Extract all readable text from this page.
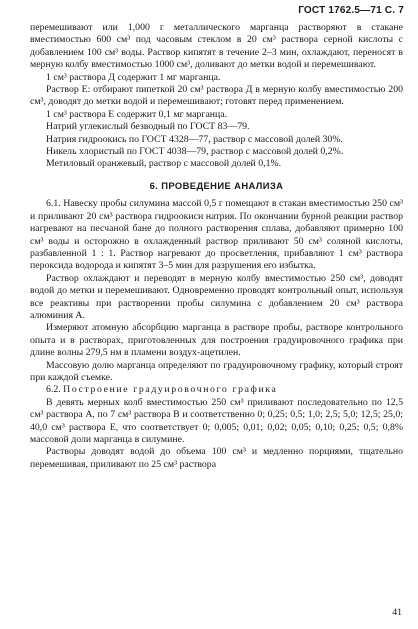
ГОСТ 1762.5—71 С. 7

перемешивают или 1,000 г металлического марганца растворяют в стакане вместимостью 600 см³ под часовым стеклом в 20 см³ раствора серной кислоты с добавлением 100 см³ воды. Раствор кипятят в течение 2–3 мин, охлаждают, переносят в мерную колбу вместимостью 1000 см³, доливают до метки водой и перемешивают.

1 см³ раствора Д содержит 1 мг марганца.

Раствор Е: отбирают пипеткой 20 см³ раствора Д в мерную колбу вместимостью 200 см³, доводят до метки водой и перемешивают; готовят перед применением.

1 см³ раствора Е содержит 0,1 мг марганца.

Натрий углекислый безводный по ГОСТ 83—79.

Натрия гидроокись по ГОСТ 4328—77, раствор с массовой долей 30%.

Никель хлористый по ГОСТ 4038—79, раствор с массовой долей 0,2%.

Метиловый оранжевый, раствор с массовой долей 0,1%.

6. ПРОВЕДЕНИЕ АНАЛИЗА

6.1. Навеску пробы силумина массой 0,5 г помещают в стакан вместимостью 250 см³ и приливают 20 см³ раствора гидроокиси натрия. По окончании бурной реакции раствор нагревают на песчаной бане до полного растворения сплава, добавляют примерно 100 см³ воды и осторожно в охлажденный раствор приливают 50 см³ соляной кислоты, разбавленной 1 : 1. Раствор нагревают до просветления, прибавляют 1 см³ раствора пероксида водорода и кипятят 3–5 мин для разрушения его избытка.

Раствор охлаждают и переводят в мерную колбу вместимостью 250 см³, доводят водой до метки и перемешивают. Одновременно проводят контрольный опыт, используя все реактивы при растворении пробы силумина с добавлением 20 см³ раствора алюминия А.

Измеряют атомную абсорбцию марганца в растворе пробы, растворе контрольного опыта и в растворах, приготовленных для построения градуировочного графика при длине волны 279,5 нм в пламени воздух-ацетилен.

Массовую долю марганца определяют по градуировочному графику, который строят при каждой съемке.

6.2. Построение градуировочного графика

В девять мерных колб вместимостью 250 см³ приливают последовательно по 12,5 см³ раствора А, по 7 см³ раствора В и соответственно 0; 0,25; 0,5; 1,0; 2,5; 5,0; 12,5; 25,0; 40,0 см³ раствора Е, что соответствует 0; 0,005; 0,01; 0,02; 0,05; 0,10; 0,25; 0,5; 0,8% массовой доли марганца в силумине.

Растворы доводят водой до объема 100 см³ и медленно порциями, тщательно перемешивая, приливают по 25 см³ раствора

41
